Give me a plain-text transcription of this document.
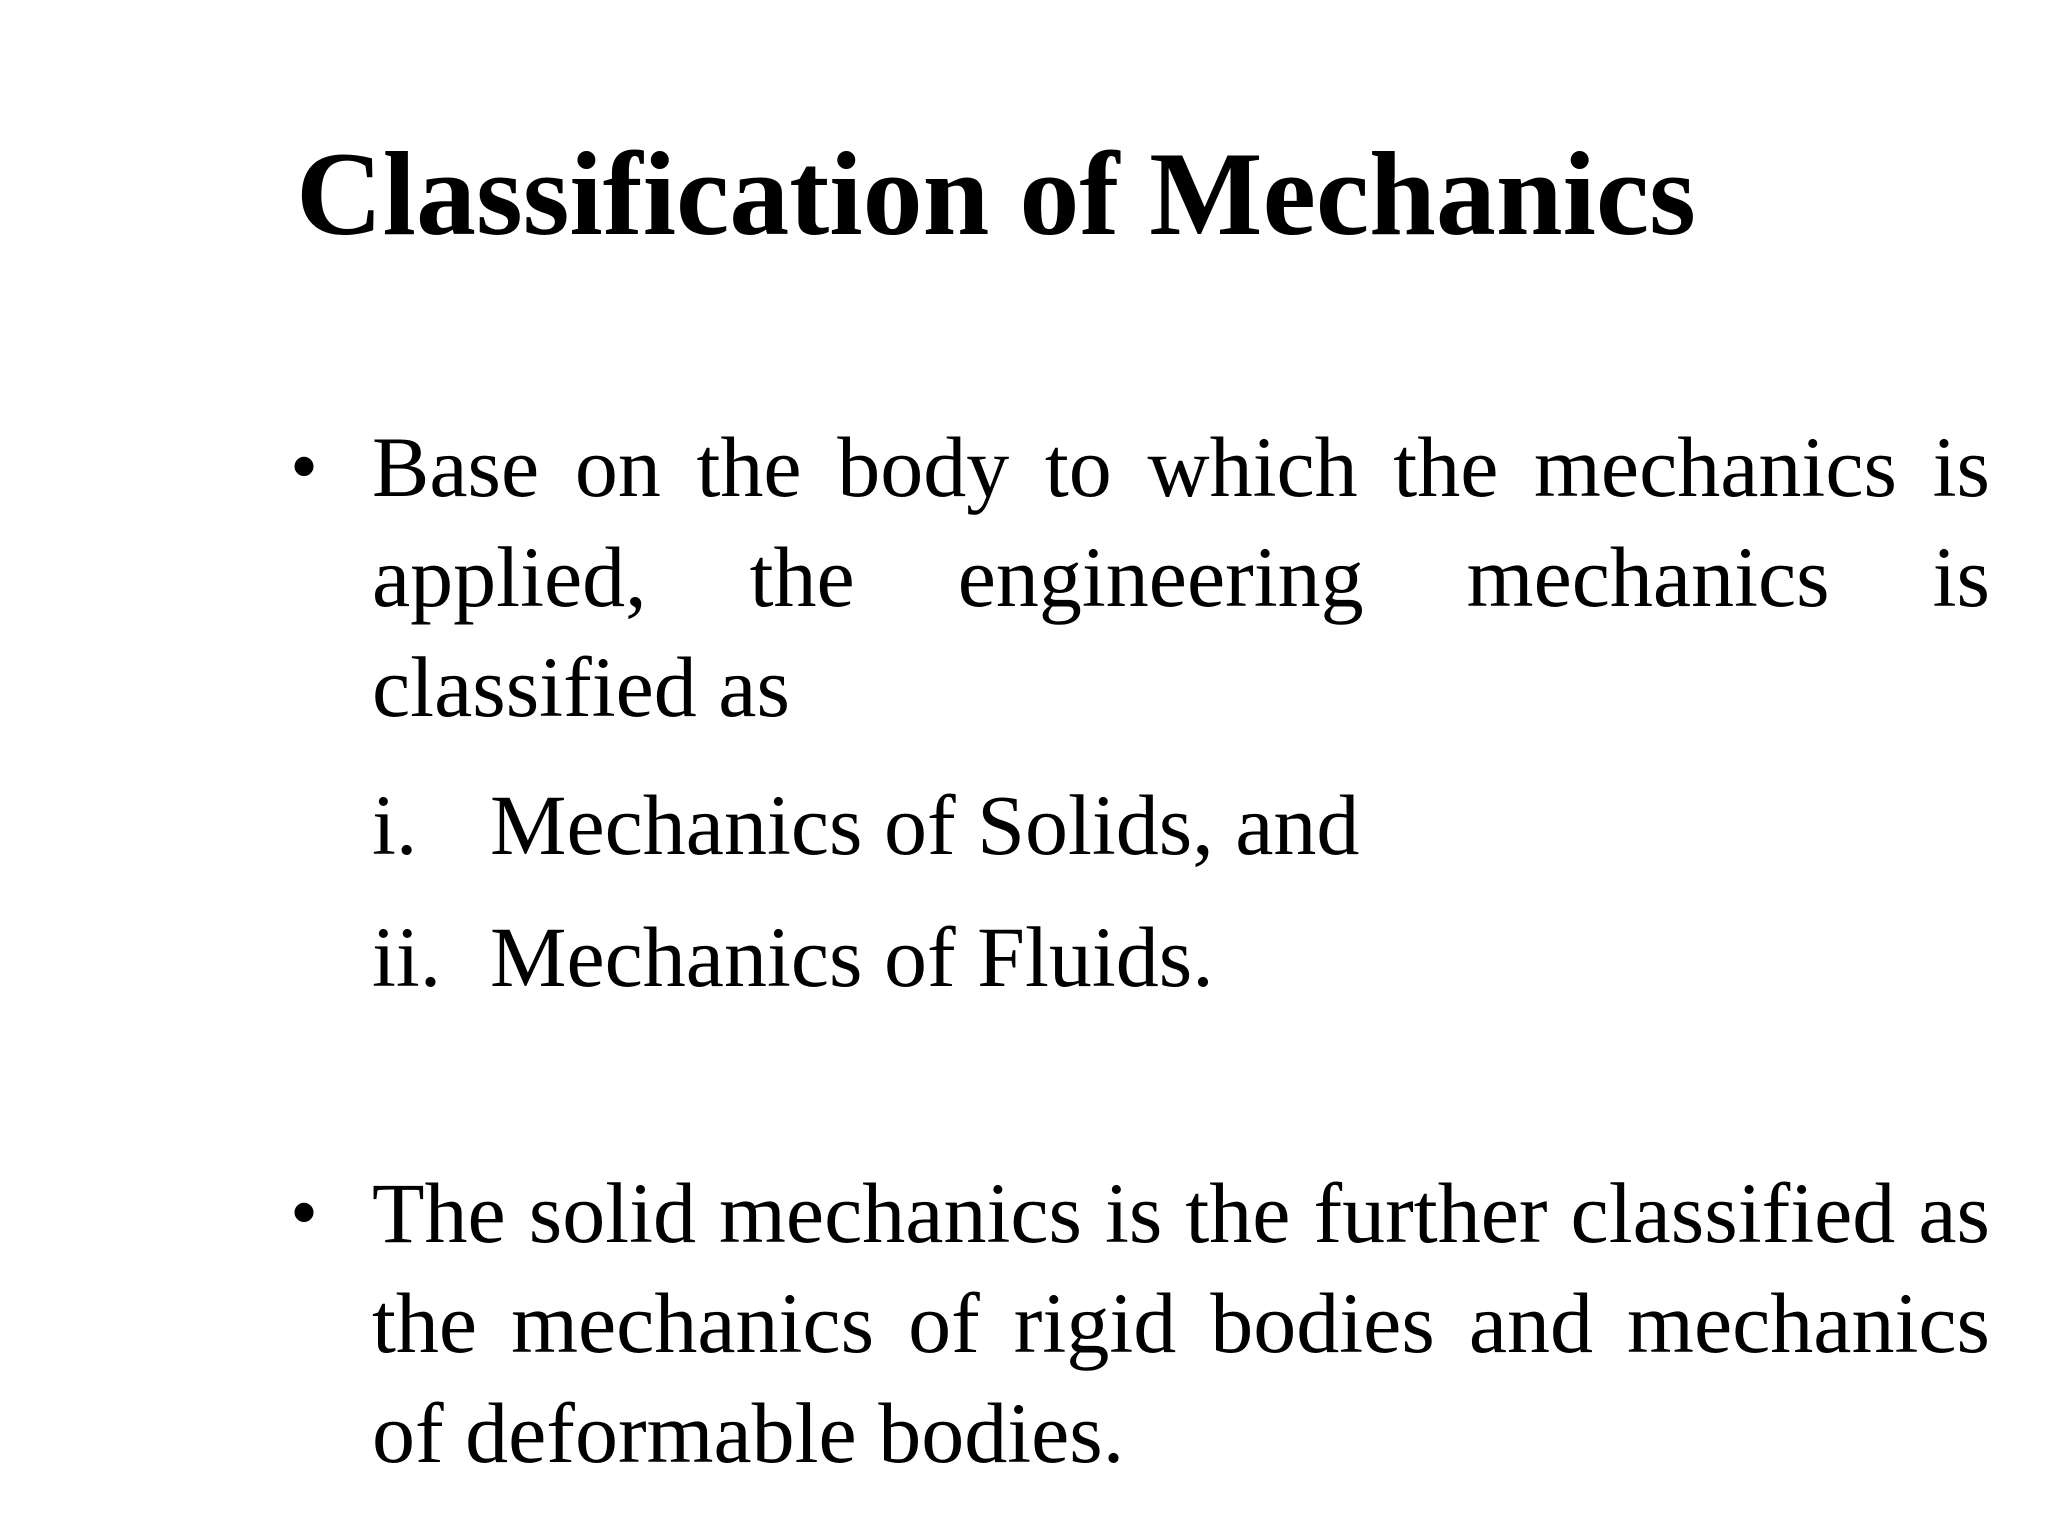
Classification of Mechanics
• Base on the body to which the mechanics is applied, the engineering mechanics is classified as
i. Mechanics of Solids, and
ii. Mechanics of Fluids.
• The solid mechanics is the further classified as the mechanics of rigid bodies and mechanics of deformable bodies.
